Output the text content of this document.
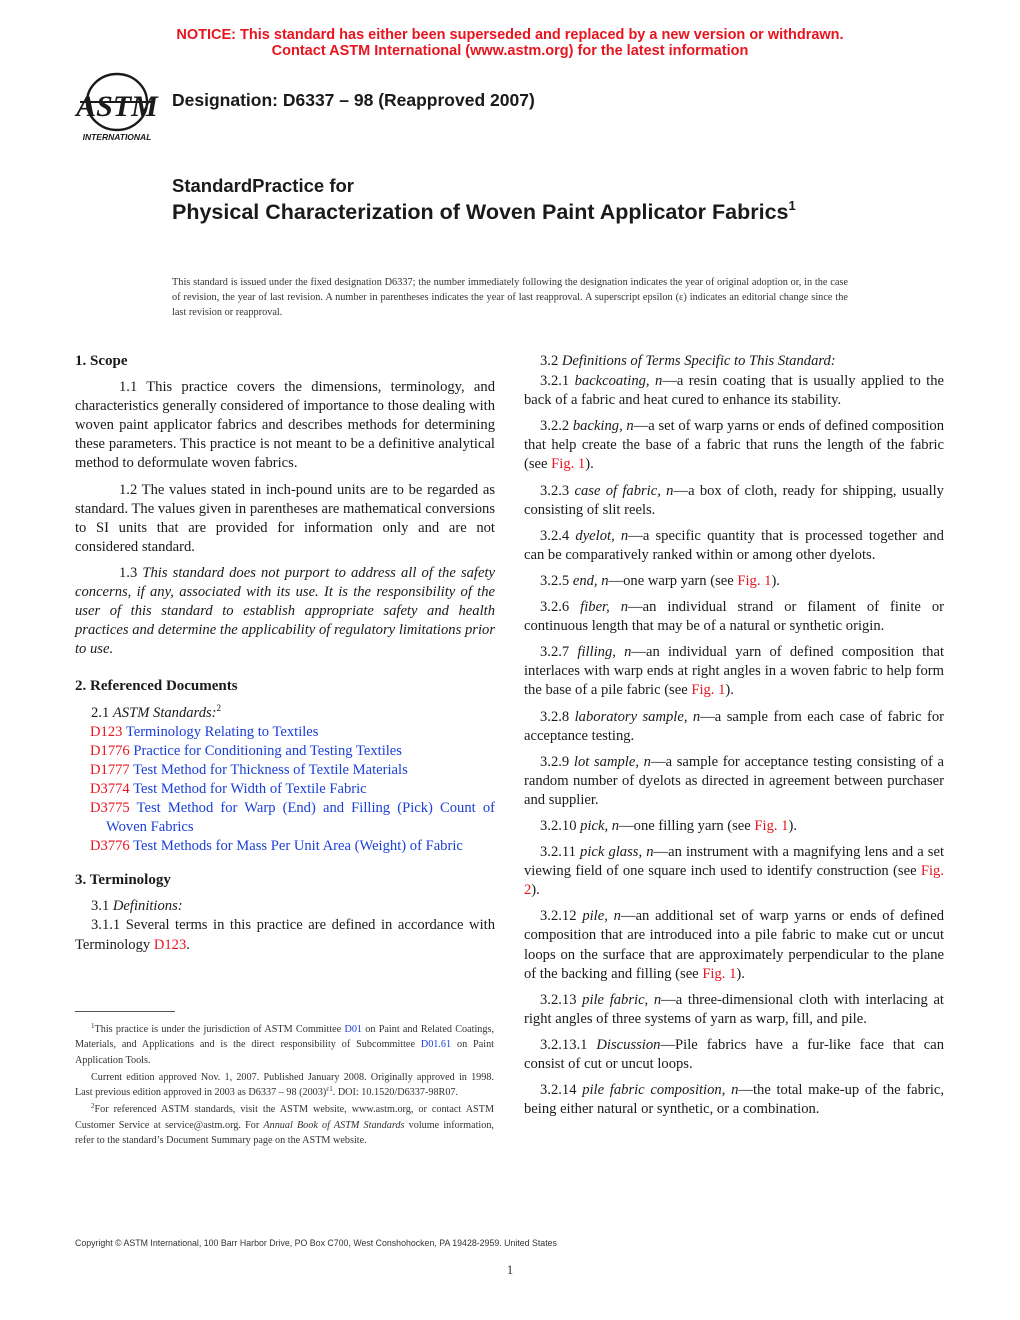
NOTICE: This standard has either been superseded and replaced by a new version or withdrawn.
Contact ASTM International (www.astm.org) for the latest information
ASTM
INTERNATIONAL
Designation: D6337 – 98 (Reapproved 2007)
StandardPractice for
Physical Characterization of Woven Paint Applicator Fabrics$^1$
This standard is issued under the fixed designation D6337; the number immediately following the designation indicates the year of original adoption or, in the case of revision, the year of last revision. A number in parentheses indicates the year of last reapproval. A superscript epsilon (ε) indicates an editorial change since the last revision or reapproval.
1. Scope

1.1 This practice covers the dimensions, terminology, and characteristics generally considered of importance to those dealing with woven paint applicator fabrics and describes methods for determining these parameters. This practice is not meant to be a definitive analytical method to deformulate woven fabrics.

1.2 The values stated in inch-pound units are to be regarded as standard. The values given in parentheses are mathematical conversions to SI units that are provided for information only and are not considered standard.

1.3 This standard does not purport to address all of the safety concerns, if any, associated with its use. It is the responsibility of the user of this standard to establish appropriate safety and health practices and determine the applicability of regulatory limitations prior to use.

2. Referenced Documents

2.1 ASTM Standards:$^2$

D123 Terminology Relating to Textiles

D1776 Practice for Conditioning and Testing Textiles

D1777 Test Method for Thickness of Textile Materials

D3774 Test Method for Width of Textile Fabric

D3775 Test Method for Warp (End) and Filling (Pick) Count of Woven Fabrics

D3776 Test Methods for Mass Per Unit Area (Weight) of Fabric

3. Terminology

3.1 Definitions:

3.1.1 Several terms in this practice are defined in accordance with Terminology D123.

$^1$This practice is under the jurisdiction of ASTM Committee D01 on Paint and Related Coatings, Materials, and Applications and is the direct responsibility of Subcommittee D01.61 on Paint Application Tools.

Current edition approved Nov. 1, 2007. Published January 2008. Originally approved in 1998. Last previous edition approved in 2003 as D6337 – 98 $(2003)^{\varepsilon 1}$. DOI: 10.1520/D6337-98R07.

$^2$For referenced ASTM standards, visit the ASTM website, www.astm.org, or contact ASTM Customer Service at service@astm.org. For Annual Book of ASTM Standards volume information, refer to the standard’s Document Summary page on the ASTM website.

3.2 Definitions of Terms Specific to This Standard:

3.2.1 backcoating, n—a resin coating that is usually applied to the back of a fabric and heat cured to enhance its stability.

3.2.2 backing, n—a set of warp yarns or ends of defined composition that help create the base of a fabric that runs the length of the fabric (see Fig. 1).

3.2.3 case of fabric, n—a box of cloth, ready for shipping, usually consisting of slit reels.

3.2.4 dyelot, n—a specific quantity that is processed together and can be comparatively ranked within or among other dyelots.

3.2.5 end, n—one warp yarn (see Fig. 1).

3.2.6 fiber, n—an individual strand or filament of finite or continuous length that may be of a natural or synthetic origin.

3.2.7 filling, n—an individual yarn of defined composition that interlaces with warp ends at right angles in a woven fabric to help form the base of a pile fabric (see Fig. 1).

3.2.8 laboratory sample, n—a sample from each case of fabric for acceptance testing.

3.2.9 lot sample, n—a sample for acceptance testing consisting of a random number of dyelots as directed in agreement between purchaser and supplier.

3.2.10 pick, n—one filling yarn (see Fig. 1).

3.2.11 pick glass, n—an instrument with a magnifying lens and a set viewing field of one square inch used to identify construction (see Fig. 2).

3.2.12 pile, n—an additional set of warp yarns or ends of defined composition that are introduced into a pile fabric to make cut or uncut loops on the surface that are approximately perpendicular to the plane of the backing and filling (see Fig. 1).

3.2.13 pile fabric, n—a three-dimensional cloth with interlacing at right angles of three systems of yarn as warp, fill, and pile.

3.2.13.1 Discussion—Pile fabrics have a fur-like face that can consist of cut or uncut loops.

3.2.14 pile fabric composition, n—the total make-up of the fabric, being either natural or synthetic, or a combination.

Copyright © ASTM International, 100 Barr Harbor Drive, PO Box C700, West Conshohocken, PA 19428-2959. United States
1
